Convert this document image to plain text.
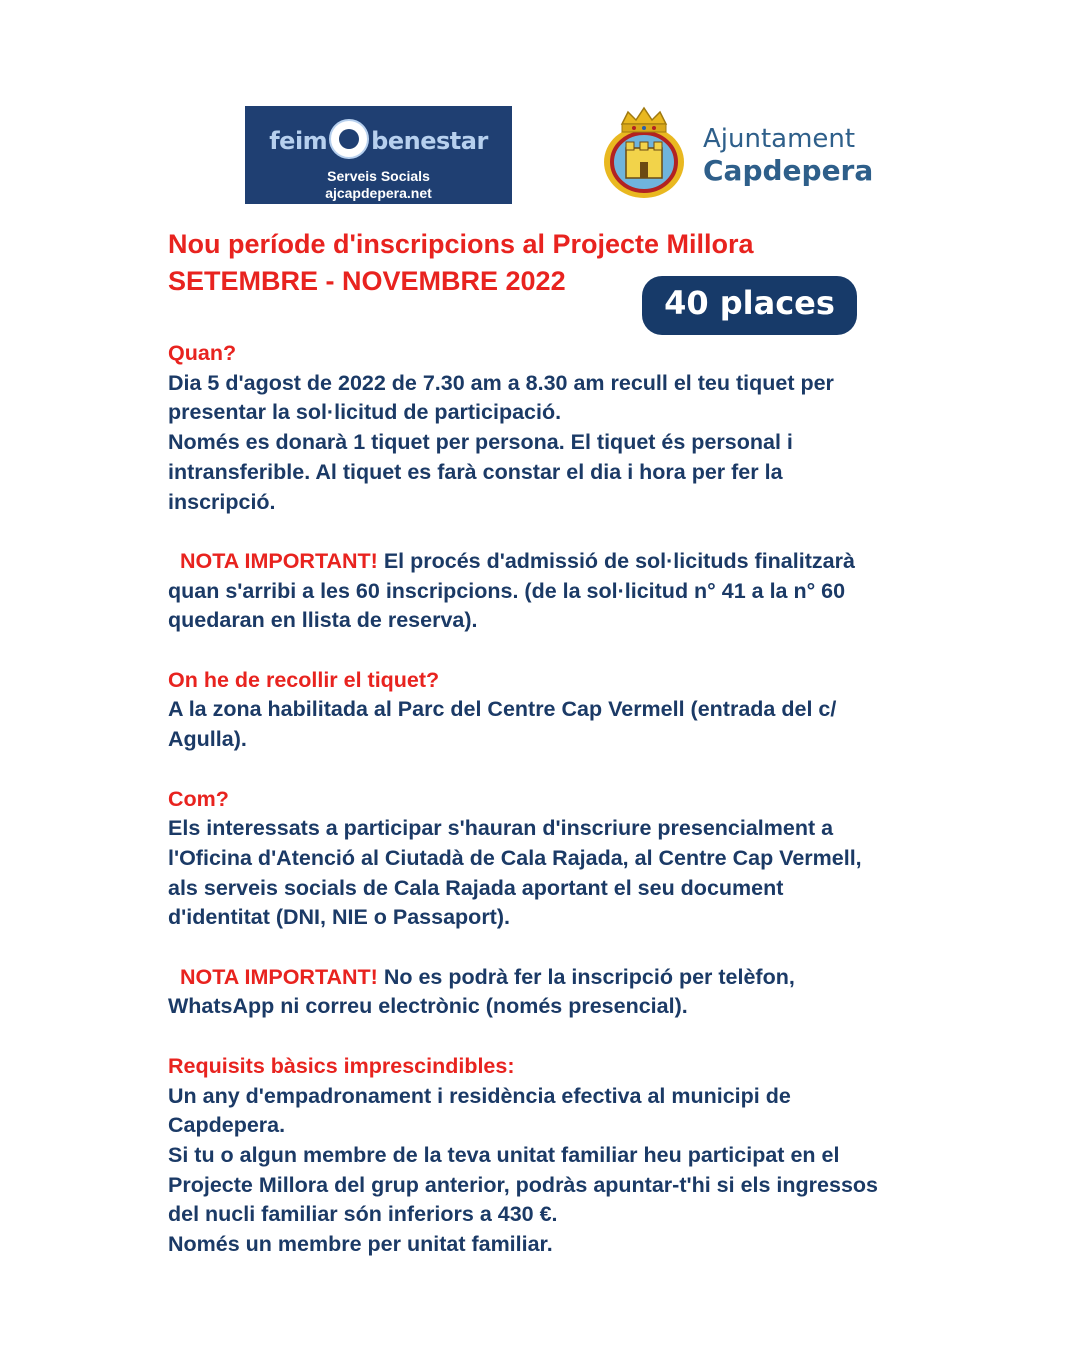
feim benestar
Serveis Socials
ajcapdepera.net
Ajuntament
Capdepera
Nou període d'inscripcions al Projecte Millora
SETEMBRE - NOVEMBRE 2022
40 places

Quan?

Dia 5 d'agost de 2022 de 7.30 am a 8.30 am recull el teu tiquet per

presentar la sol·licitud de participació.

Només es donarà 1 tiquet per persona. El tiquet és personal i

intransferible. Al tiquet es farà constar el dia i hora per fer la

inscripció.

NOTA IMPORTANT! El procés d'admissió de sol·licituds finalitzarà

quan s'arribi a les 60 inscripcions. (de la sol·licitud n° 41 a la n° 60

quedaran en llista de reserva).

On he de recollir el tiquet?

A la zona habilitada al Parc del Centre Cap Vermell (entrada del c/

Agulla).

Com?

Els interessats a participar s'hauran d'inscriure presencialment a

l'Oficina d'Atenció al Ciutadà de Cala Rajada, al Centre Cap Vermell,

als serveis socials de Cala Rajada aportant el seu document

d'identitat (DNI, NIE o Passaport).

NOTA IMPORTANT! No es podrà fer la inscripció per telèfon,

WhatsApp ni correu electrònic (només presencial).

Requisits bàsics imprescindibles:

Un any d'empadronament i residència efectiva al municipi de

Capdepera.

Si tu o algun membre de la teva unitat familiar heu participat en el

Projecte Millora del grup anterior, podràs apuntar-t'hi si els ingressos

del nucli familiar són inferiors a 430 €.

Només un membre per unitat familiar.
